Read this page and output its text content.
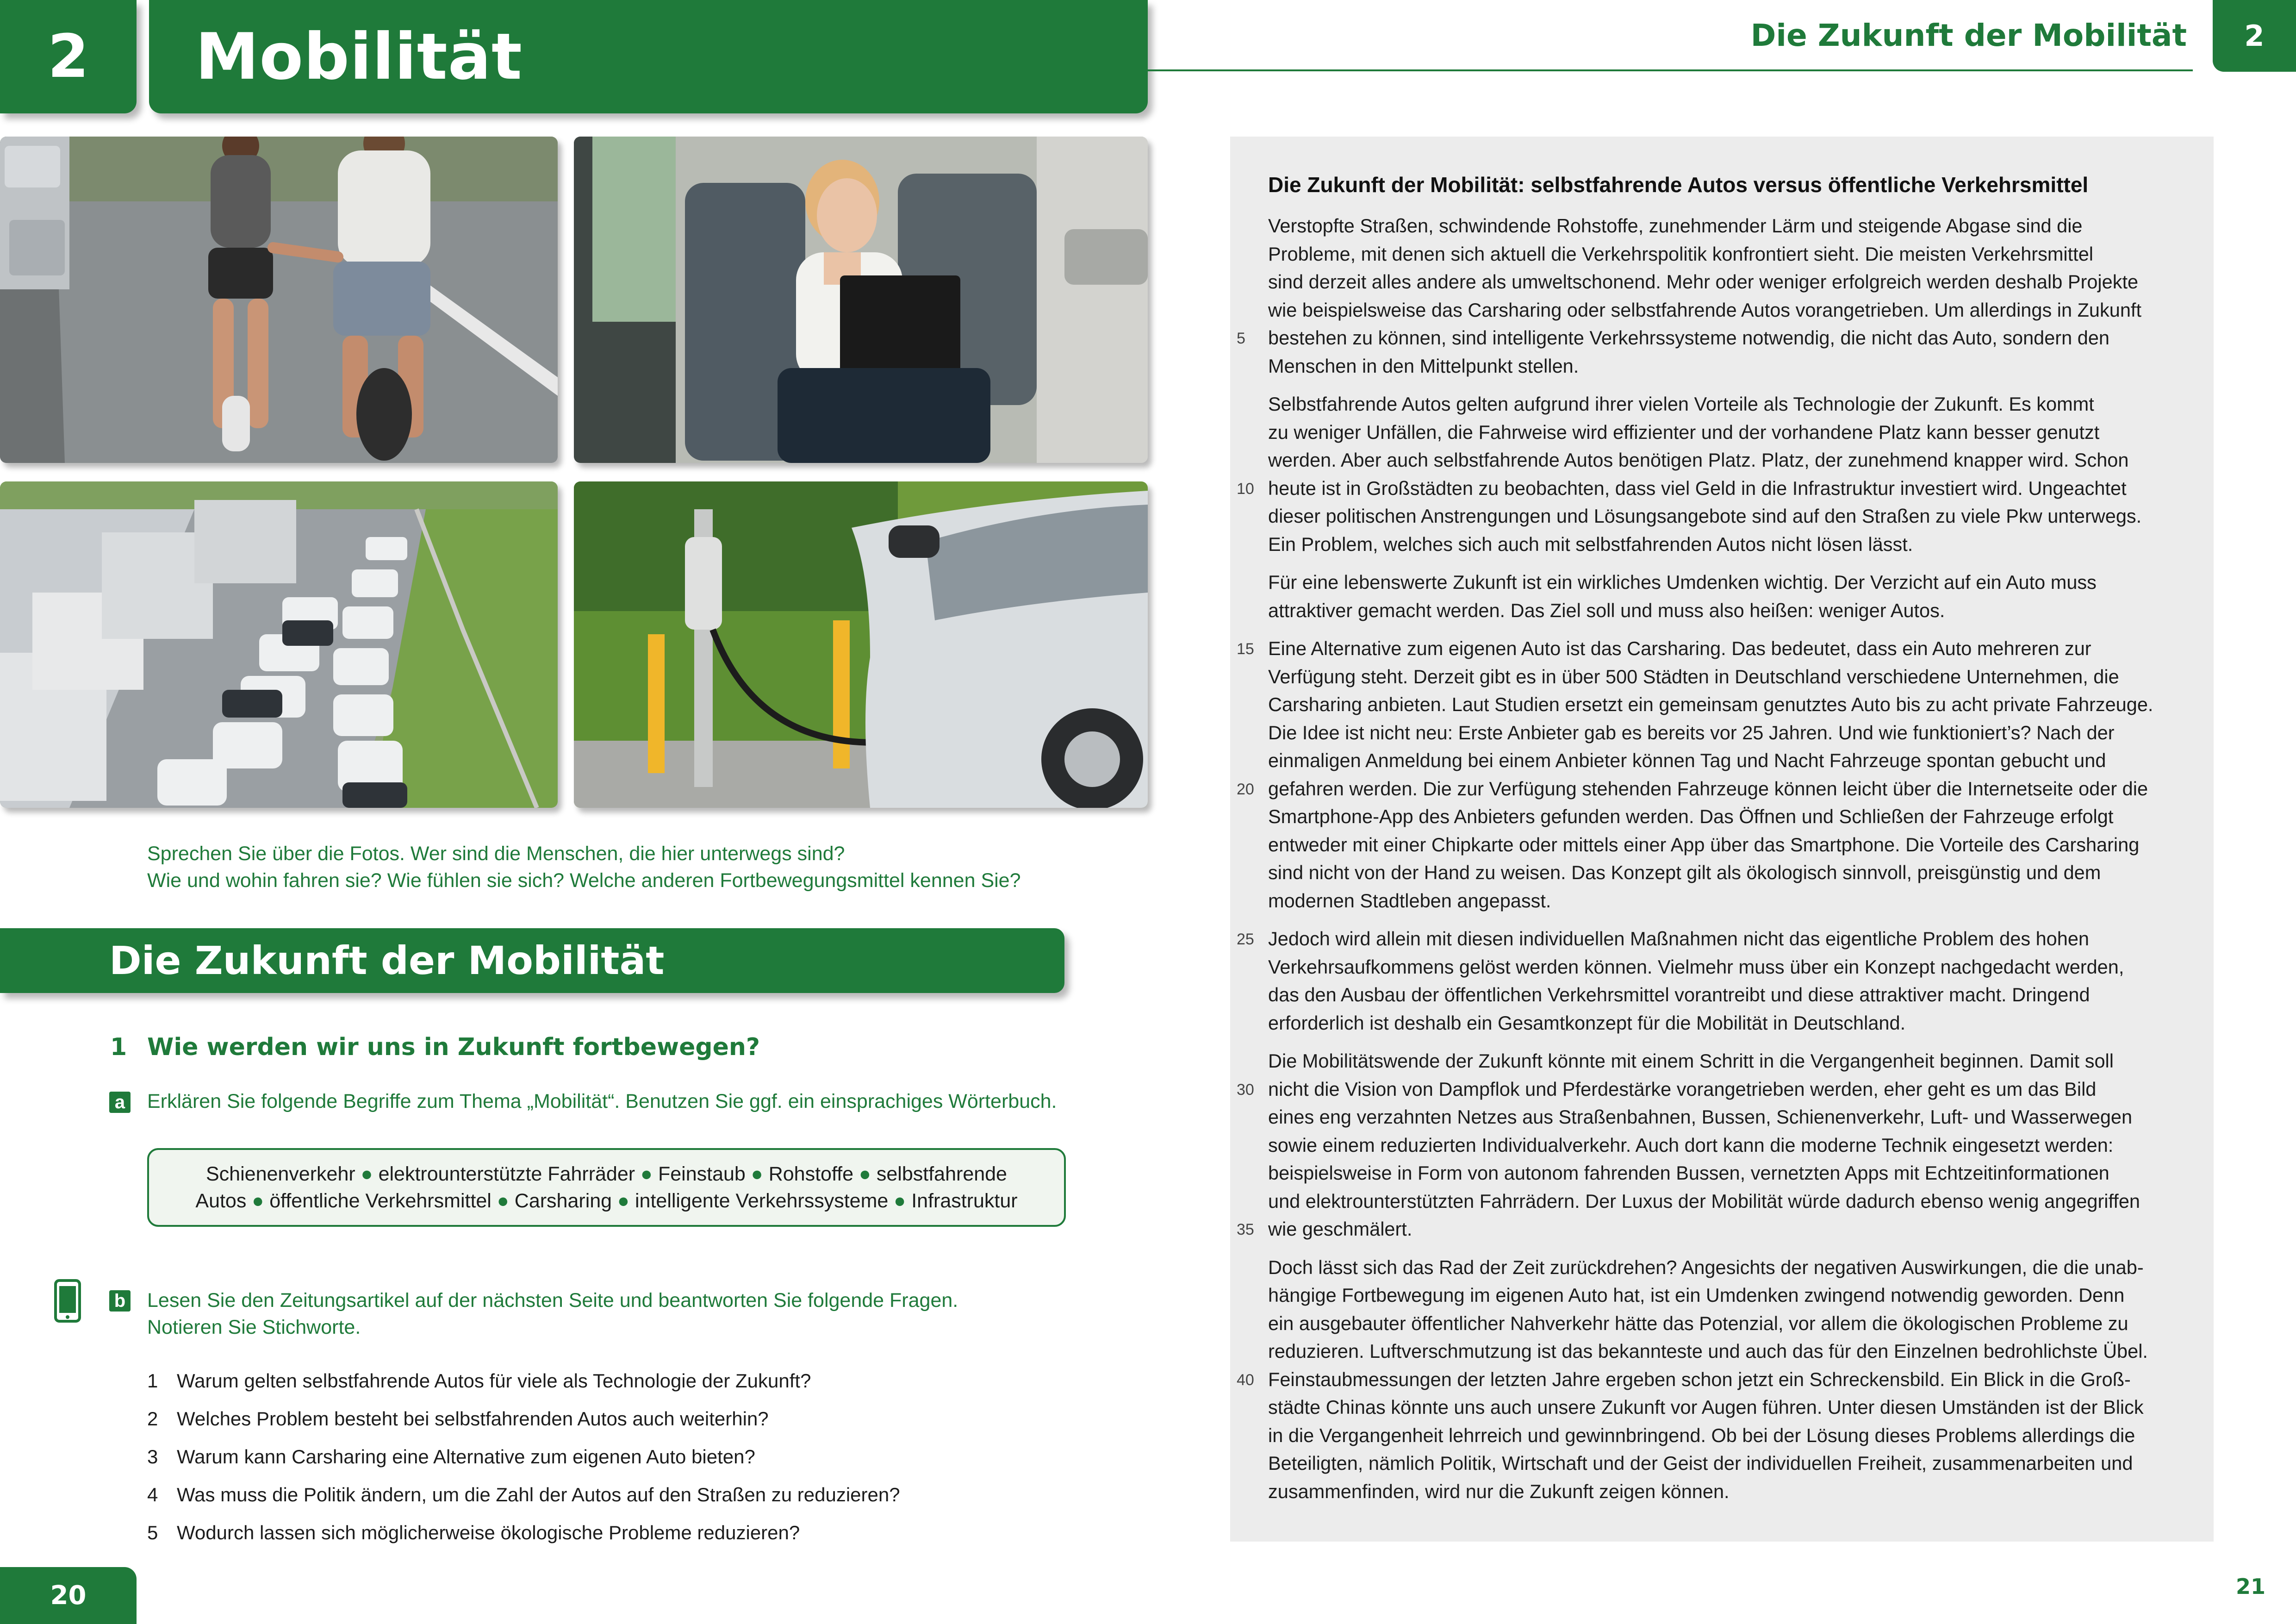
2 Mobilität	Die Zukunft der Mobilität 2
Sprechen Sie über die Fotos. Wer sind die Menschen, die hier unterwegs sind?
Wie und wohin fahren sie? Wie fühlen sie sich? Welche anderen Fortbewegungsmittel kennen Sie?
Die Zukunft der Mobilität
1 Wie werden wir uns in Zukunft fortbewegen?
a Erklären Sie folgende Begriffe zum Thema „Mobilität“. Benutzen Sie ggf. ein einsprachiges Wörterbuch.
Schienenverkehr ● elektrounterstützte Fahrräder ● Feinstaub ● Rohstoffe ● selbstfahrende
Autos ● öffentliche Verkehrsmittel ● Carsharing ● intelligente Verkehrssysteme ● Infrastruktur
b Lesen Sie den Zeitungsartikel auf der nächsten Seite und beantworten Sie folgende Fragen.
Notieren Sie Stichworte.
1 Warum gelten selbstfahrende Autos für viele als Technologie der Zukunft?
2 Welches Problem besteht bei selbstfahrenden Autos auch weiterhin?
3 Warum kann Carsharing eine Alternative zum eigenen Auto bieten?
4 Was muss die Politik ändern, um die Zahl der Autos auf den Straßen zu reduzieren?
5 Wodurch lassen sich möglicherweise ökologische Probleme reduzieren?
20	21
Die Zukunft der Mobilität: selbstfahrende Autos versus öffentliche Verkehrsmittel

Verstopfte Straßen, schwindende Rohstoffe, zunehmender Lärm und steigende Abgase sind die
Probleme, mit denen sich aktuell die Verkehrspolitik konfrontiert sieht. Die meisten Verkehrsmittel
sind derzeit alles andere als umweltschonend. Mehr oder weniger erfolgreich werden deshalb Projekte
wie beispielsweise das Carsharing oder selbstfahrende Autos vorangetrieben. Um allerdings in Zukunft
bestehen zu können, sind intelligente Verkehrssysteme notwendig, die nicht das Auto, sondern den
Menschen in den Mittelpunkt stellen.

Selbstfahrende Autos gelten aufgrund ihrer vielen Vorteile als Technologie der Zukunft. Es kommt
zu weniger Unfällen, die Fahrweise wird effizienter und der vorhandene Platz kann besser genutzt
werden. Aber auch selbstfahrende Autos benötigen Platz. Platz, der zunehmend knapper wird. Schon
heute ist in Großstädten zu beobachten, dass viel Geld in die Infrastruktur investiert wird. Ungeachtet
dieser politischen Anstrengungen und Lösungsangebote sind auf den Straßen zu viele Pkw unterwegs.
Ein Problem, welches sich auch mit selbstfahrenden Autos nicht lösen lässt.

Für eine lebenswerte Zukunft ist ein wirkliches Umdenken wichtig. Der Verzicht auf ein Auto muss
attraktiver gemacht werden. Das Ziel soll und muss also heißen: weniger Autos.

Eine Alternative zum eigenen Auto ist das Carsharing. Das bedeutet, dass ein Auto mehreren zur
Verfügung steht. Derzeit gibt es in über 500 Städten in Deutschland verschiedene Unternehmen, die
Carsharing anbieten. Laut Studien ersetzt ein gemeinsam genutztes Auto bis zu acht private Fahrzeuge.
Die Idee ist nicht neu: Erste Anbieter gab es bereits vor 25 Jahren. Und wie funktioniert’s? Nach der
einmaligen Anmeldung bei einem Anbieter können Tag und Nacht Fahrzeuge spontan gebucht und
gefahren werden. Die zur Verfügung stehenden Fahrzeuge können leicht über die Internetseite oder die
Smartphone-App des Anbieters gefunden werden. Das Öffnen und Schließen der Fahrzeuge erfolgt
entweder mit einer Chipkarte oder mittels einer App über das Smartphone. Die Vorteile des Carsharing
sind nicht von der Hand zu weisen. Das Konzept gilt als ökologisch sinnvoll, preisgünstig und dem
modernen Stadtleben angepasst.

Jedoch wird allein mit diesen individuellen Maßnahmen nicht das eigentliche Problem des hohen
Verkehrsaufkommens gelöst werden können. Vielmehr muss über ein Konzept nachgedacht werden,
das den Ausbau der öffentlichen Verkehrsmittel vorantreibt und diese attraktiver macht. Dringend
erforderlich ist deshalb ein Gesamtkonzept für die Mobilität in Deutschland.

Die Mobilitätswende der Zukunft könnte mit einem Schritt in die Vergangenheit beginnen. Damit soll
nicht die Vision von Dampflok und Pferdestärke vorangetrieben werden, eher geht es um das Bild
eines eng verzahnten Netzes aus Straßenbahnen, Bussen, Schienenverkehr, Luft- und Wasserwegen
sowie einem reduzierten Individualverkehr. Auch dort kann die moderne Technik eingesetzt werden:
beispielsweise in Form von autonom fahrenden Bussen, vernetzten Apps mit Echtzeitinformationen
und elektrounterstützten Fahrrädern. Der Luxus der Mobilität würde dadurch ebenso wenig angegriffen
wie geschmälert.

Doch lässt sich das Rad der Zeit zurückdrehen? Angesichts der negativen Auswirkungen, die die unab-
hängige Fortbewegung im eigenen Auto hat, ist ein Umdenken zwingend notwendig geworden. Denn
ein ausgebauter öffentlicher Nahverkehr hätte das Potenzial, vor allem die ökologischen Probleme zu
reduzieren. Luftverschmutzung ist das bekannteste und auch das für den Einzelnen bedrohlichste Übel.
Feinstaubmessungen der letzten Jahre ergeben schon jetzt ein Schreckensbild. Ein Blick in die Groß-
städte Chinas könnte uns auch unsere Zukunft vor Augen führen. Unter diesen Umständen ist der Blick
in die Vergangenheit lehrreich und gewinnbringend. Ob bei der Lösung dieses Problems allerdings die
Beteiligten, nämlich Politik, Wirtschaft und der Geist der individuellen Freiheit, zusammenarbeiten und
zusammenfinden, wird nur die Zukunft zeigen können.

5
10
15
20
25
30
35
40
